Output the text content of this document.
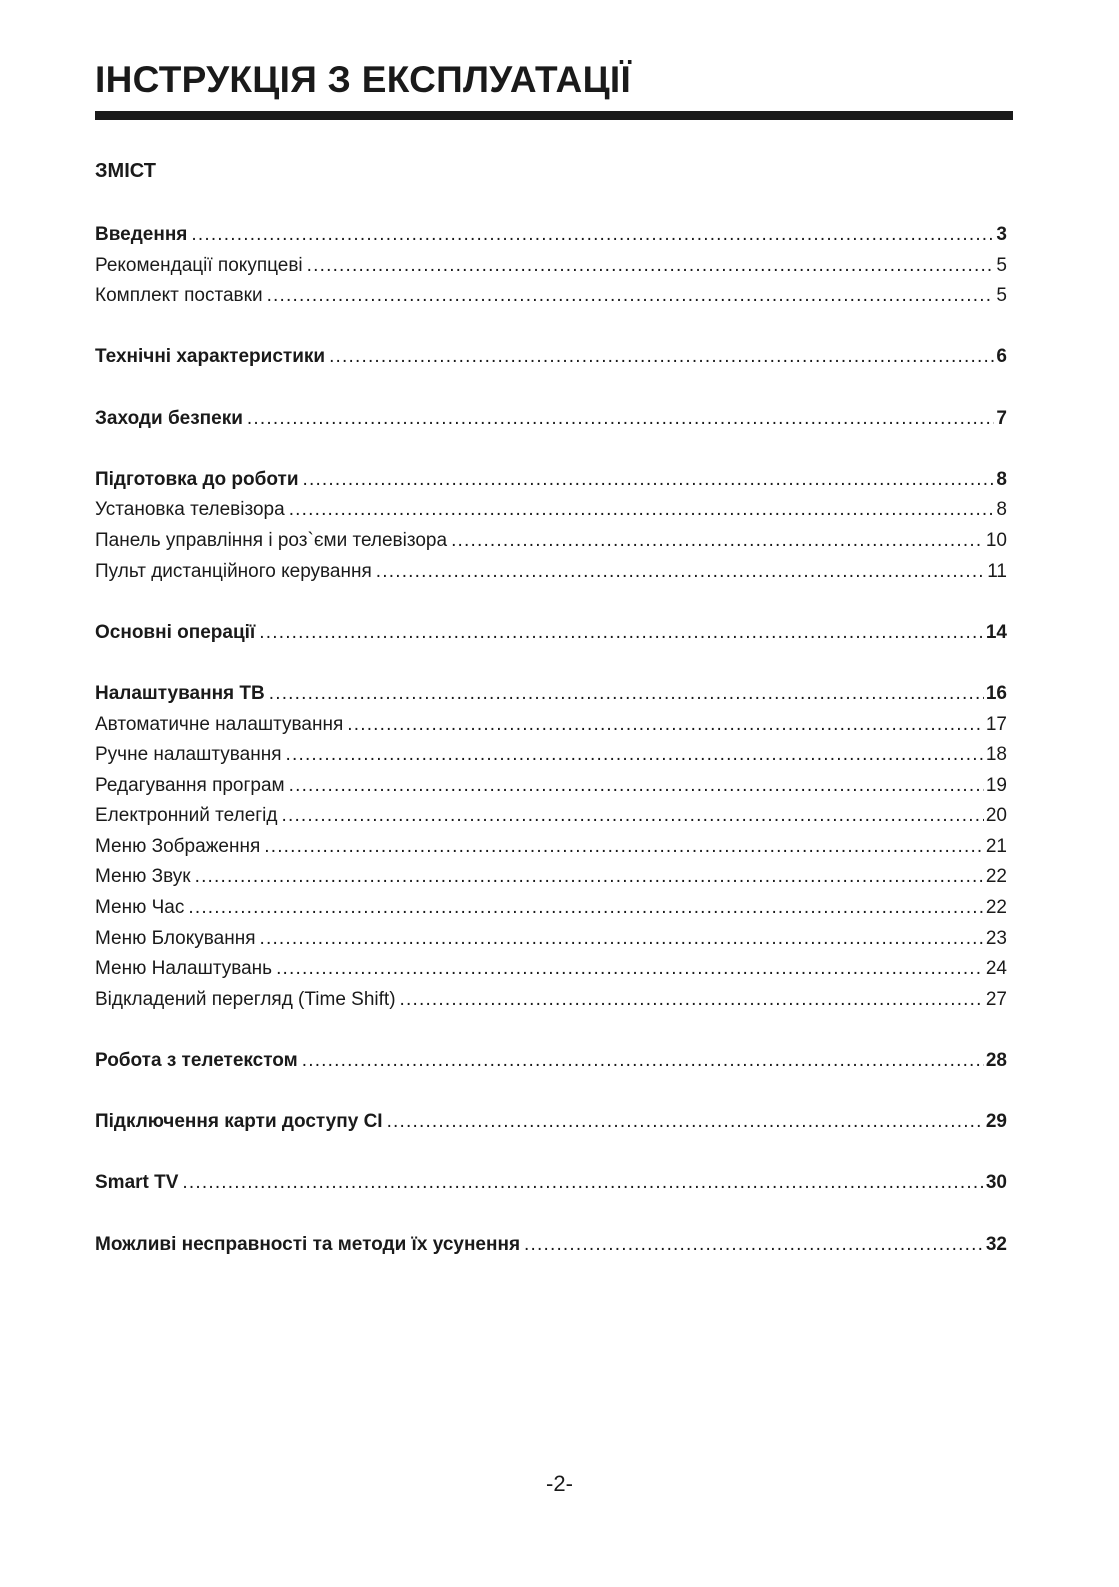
ІНСТРУКЦІЯ З ЕКСПЛУАТАЦІЇ
ЗМІСТ
Введення .....	3
Рекомендації покупцеві .....	5
Комплект поставки .....	5
Технічні характеристики .....	6
Заходи безпеки .....	7
Підготовка до роботи .....	8
Установка телевізора .....	8
Панель управління і роз`єми телевізора .....	10
Пульт дистанційного керування .....	11
Основні операції .....	14
Налаштування ТВ .....	16
Автоматичне налаштування .....	17
Ручне налаштування .....	18
Редагування програм .....	19
Електронний телегід .....	20
Меню Зображення .....	21
Меню Звук .....	22
Меню Час .....	22
Меню Блокування .....	23
Меню Налаштувань .....	24
Відкладений перегляд (Time Shift) .....	27
Робота з телетекстом .....	28
Підключення карти доступу CI .....	29
Smart TV .....	30
Можливі несправності та методи їх усунення .....	32
-2-
